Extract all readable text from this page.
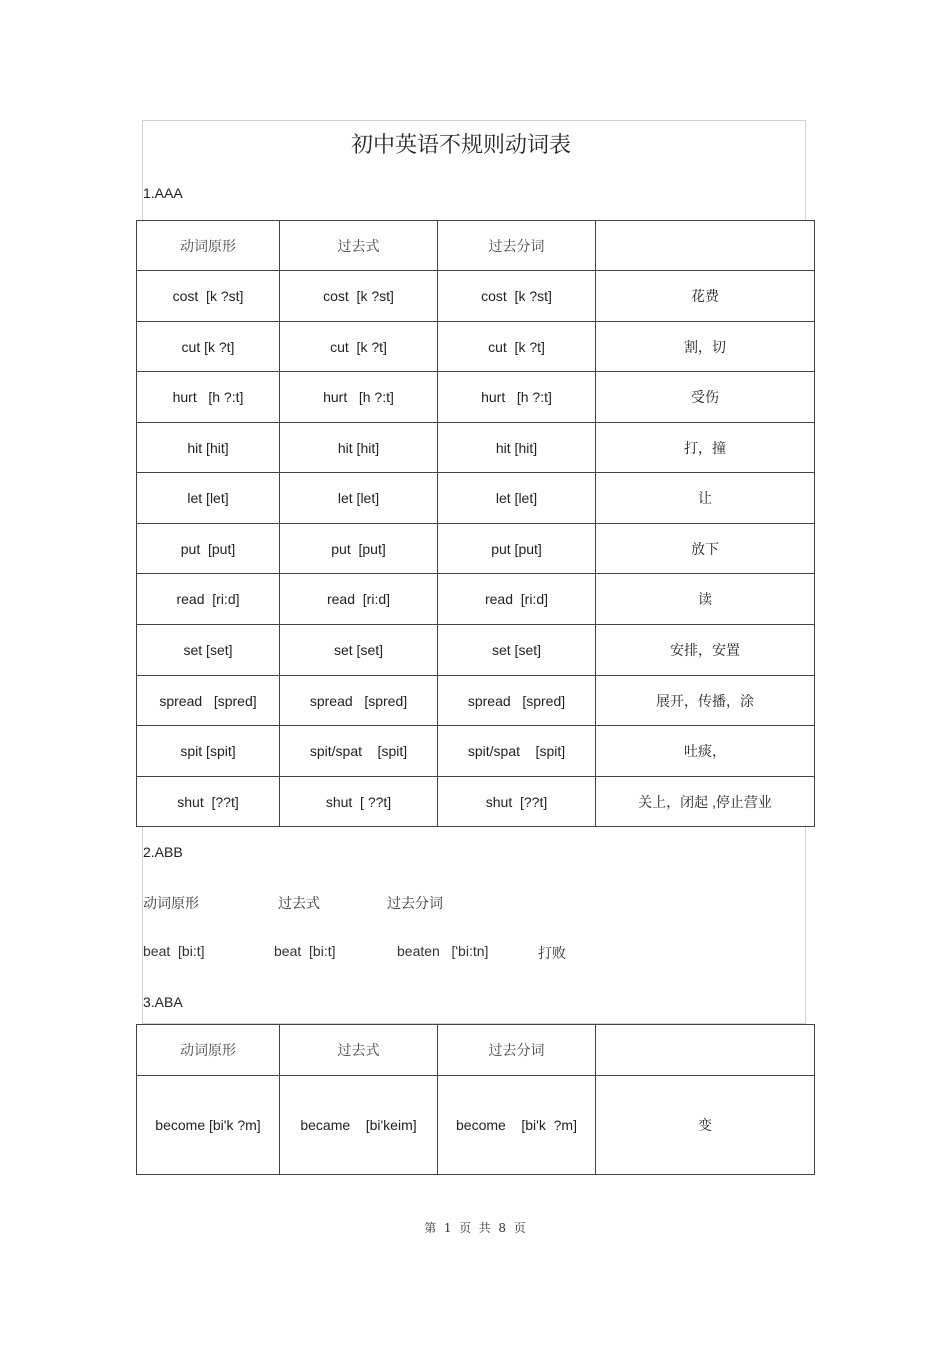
初中英语不规则动词表
1.AAA
动词原形	过去式	过去分词	
cost  [k ?st]	cost  [k ?st]	cost  [k ?st]	花费
cut [k ?t]	cut  [k ?t]	cut  [k ?t]	割，切
hurt   [h ?:t]	hurt   [h ?:t]	hurt   [h ?:t]	受伤
hit [hit]	hit [hit]	hit [hit]	打，撞
let [let]	let [let]	let [let]	让
put  [put]	put  [put]	put [put]	放下
read  [ri:d]	read  [ri:d]	read  [ri:d]	读
set [set]	set [set]	set [set]	安排，安置
spread   [spred]	spread   [spred]	spread   [spred]	展开，传播，涂
spit [spit]	spit/spat    [spit]	spit/spat    [spit]	吐痰，
shut  [??t]	shut  [ ??t]	shut  [??t]	关上，闭起 ,停止营业
2.ABB
动词原形	过去式	过去分词
beat  [bi:t]	beat  [bi:t]	beaten   ['bi:tn]	打败
3.ABA
动词原形	过去式	过去分词	
become [bi'k ?m]	became    [bi'keim]	become    [bi'k  ?m]	变
第  1  页  共  8  页
